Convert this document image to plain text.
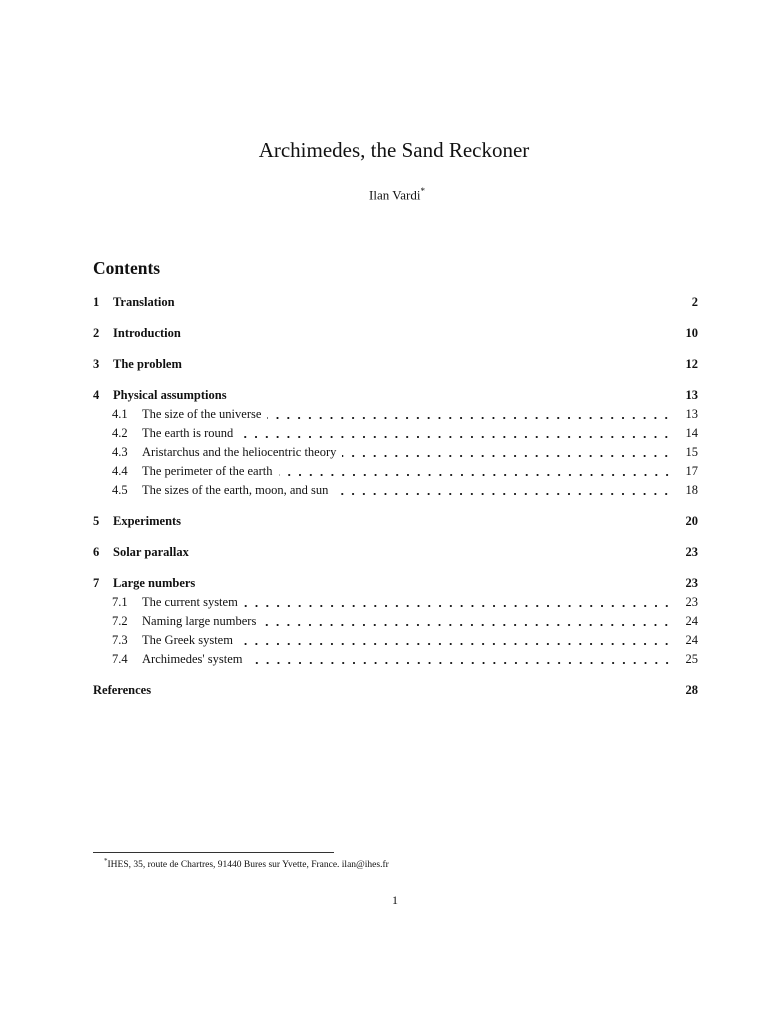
Archimedes, the Sand Reckoner
Ilan Vardi*
Contents
1	Translation	2
2	Introduction	10
3	The problem	12
4	Physical assumptions	13
4.1	The size of the universe	13
4.2	The earth is round	14
4.3	Aristarchus and the heliocentric theory	15
4.4	The perimeter of the earth	17
4.5	The sizes of the earth, moon, and sun	18
5	Experiments	20
6	Solar parallax	23
7	Large numbers	23
7.1	The current system	23
7.2	Naming large numbers	24
7.3	The Greek system	24
7.4	Archimedes' system	25
References	28
*IHES, 35, route de Chartres, 91440 Bures sur Yvette, France. ilan@ihes.fr
1
